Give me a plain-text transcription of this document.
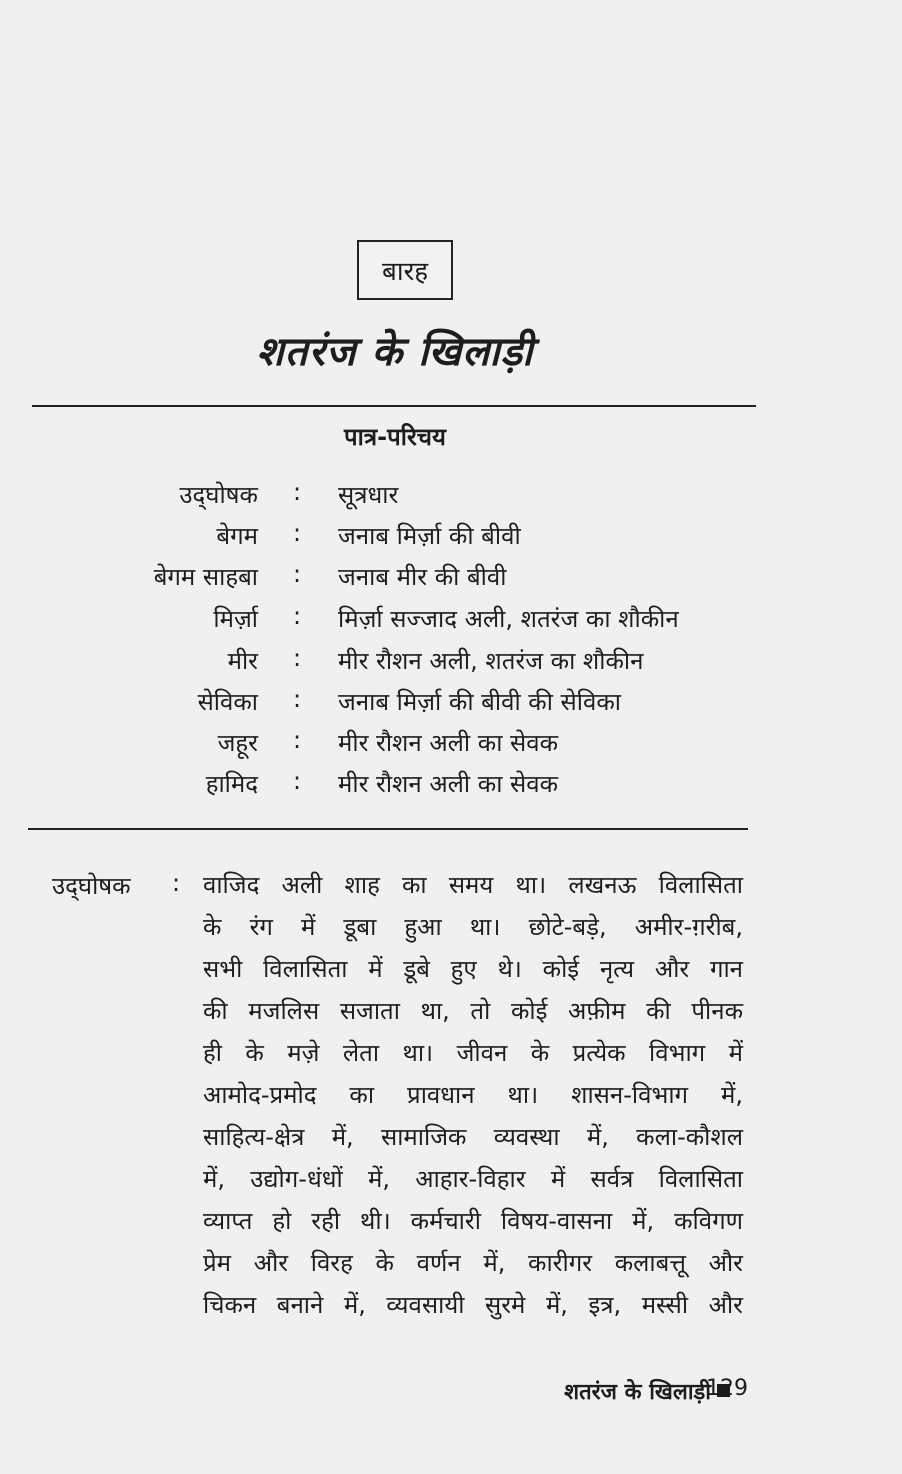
बारह
शतरंज के खिलाड़ी
पात्र-परिचय
उद्‌घोषक : सूत्रधार
बेगम : जनाब मिर्ज़ा की बीवी
बेगम साहबा : जनाब मीर की बीवी
मिर्ज़ा : मिर्ज़ा सज्जाद अली, शतरंज का शौकीन
मीर : मीर रौशन अली, शतरंज का शौकीन
सेविका : जनाब मिर्ज़ा की बीवी की सेविका
जहूर : मीर रौशन अली का सेवक
हामिद : मीर रौशन अली का सेवक
उद्‌घोषक : वाजिद अली शाह का समय था। लखनऊ विलासिता
के रंग में डूबा हुआ था। छोटे-बड़े, अमीर-ग़रीब,
सभी विलासिता में डूबे हुए थे। कोई नृत्य और गान
की मजलिस सजाता था, तो कोई अफ़ीम की पीनक
ही के मज़े लेता था। जीवन के प्रत्येक विभाग में
आमोद-प्रमोद का प्रावधान था। शासन-विभाग में,
साहित्य-क्षेत्र में, सामाजिक व्यवस्था में, कला-कौशल
में, उद्योग-धंधों में, आहार-विहार में सर्वत्र विलासिता
व्याप्त हो रही थी। कर्मचारी विषय-वासना में, कविगण
प्रेम और विरह के वर्णन में, कारीगर कलाबत्तू और
चिकन बनाने में, व्यवसायी सुरमे में, इत्र, मस्सी और
शतरंज के खिलाड़ी
129
